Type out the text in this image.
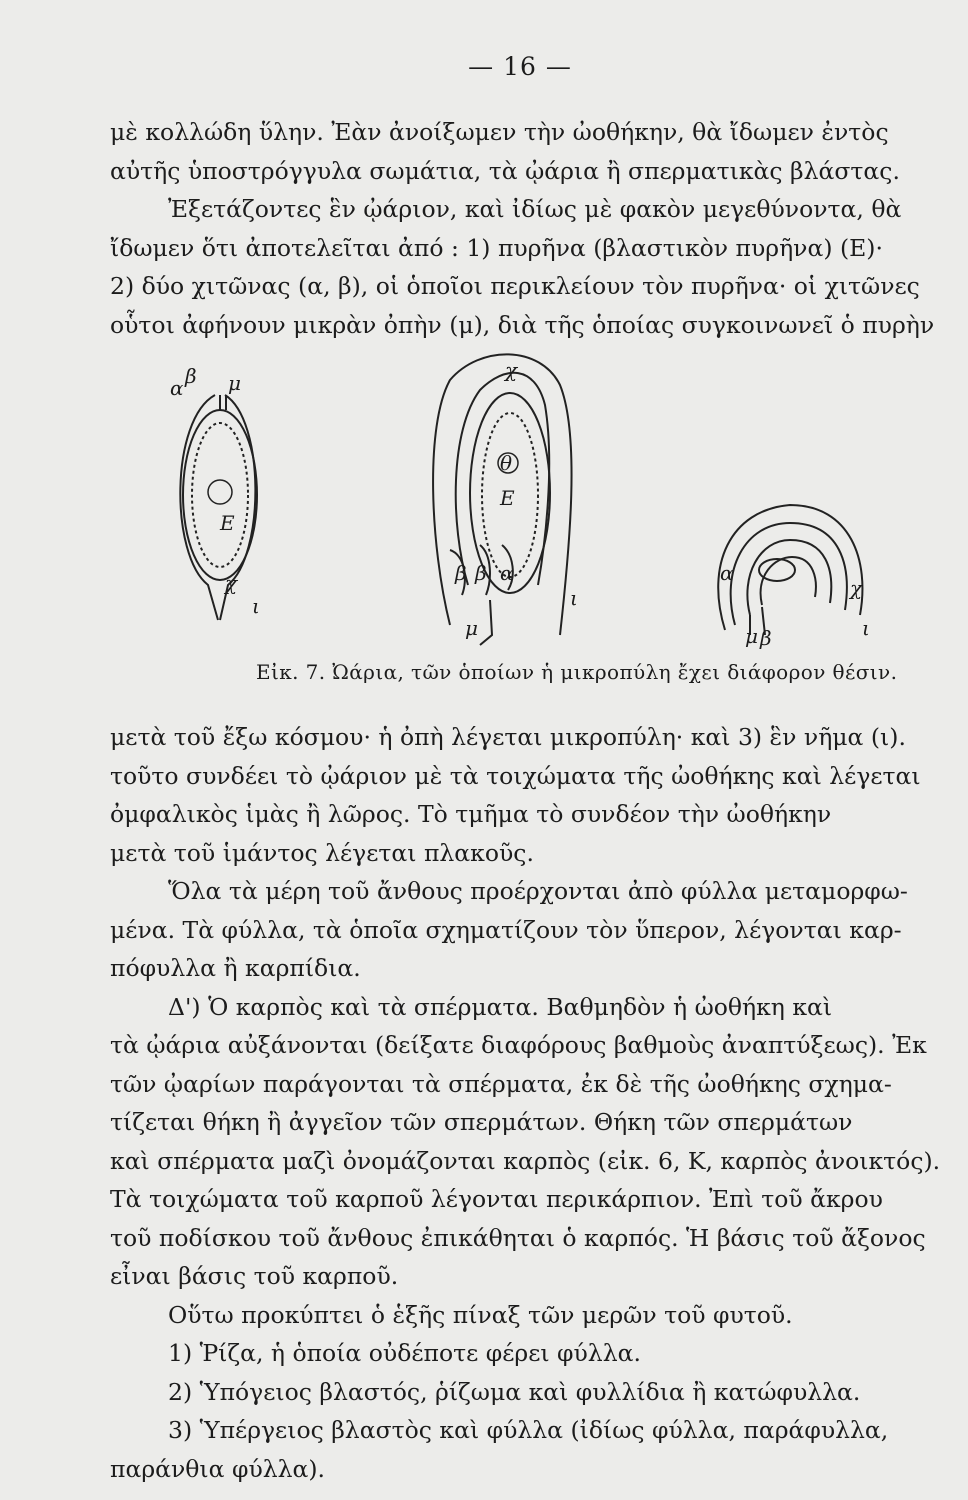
— 16 —
μὲ κολλώδη ὕλην. Ἐὰν ἀνοίξωμεν τὴν ὠοθήκην, θὰ ἴδωμεν ἐντὸς
αὐτῆς ὑποστρόγγυλα σωμάτια, τὰ ᾠάρια ἢ σπερματικὰς βλάστας.
Ἐξετάζοντες ἓν ᾠάριον, καὶ ἰδίως μὲ φακὸν μεγεθύνοντα, θὰ
ἴδωμεν ὅτι ἀποτελεῖται ἀπό : 1) πυρῆνα (βλαστικὸν πυρῆνα) (Ε)·
2) δύο χιτῶνας (α, β), οἱ ὁποῖοι περικλείουν τὸν πυρῆνα· οἱ χιτῶνες
οὗτοι ἀφήνουν μικρὰν ὀπὴν (μ), διὰ τῆς ὁποίας συγκοινωνεῖ ὁ πυρὴν
α β μ
Ε
χ
ι
χ
θ
Ε
β β α
μ
ι
α
μ β
χ
ι
Εἰκ. 7. Ὠάρια, τῶν ὁποίων ἡ μικροπύλη ἔχει διάφορον θέσιν.
μετὰ τοῦ ἔξω κόσμου· ἡ ὀπὴ λέγεται μικροπύλη· καὶ 3) ἓν νῆμα (ι).
τοῦτο συνδέει τὸ ᾠάριον μὲ τὰ τοιχώματα τῆς ὠοθήκης καὶ λέγεται
ὀμφαλικὸς ἱμὰς ἢ λῶρος. Τὸ τμῆμα τὸ συνδέον τὴν ὠοθήκην
μετὰ τοῦ ἱμάντος λέγεται πλακοῦς.
Ὅλα τὰ μέρη τοῦ ἄνθους προέρχονται ἀπὸ φύλλα μεταμορφω-
μένα. Τὰ φύλλα, τὰ ὁποῖα σχηματίζουν τὸν ὕπερον, λέγονται καρ-
πόφυλλα ἢ καρπίδια.
Δ') Ὁ καρπὸς καὶ τὰ σπέρματα. Βαθμηδὸν ἡ ὠοθήκη καὶ
τὰ ᾠάρια αὐξάνονται (δείξατε διαφόρους βαθμοὺς ἀναπτύξεως). Ἐκ
τῶν ᾠαρίων παράγονται τὰ σπέρματα, ἐκ δὲ τῆς ὠοθήκης σχημα-
τίζεται θήκη ἢ ἀγγεῖον τῶν σπερμάτων. Θήκη τῶν σπερμάτων
καὶ σπέρματα μαζὶ ὀνομάζονται καρπὸς (εἰκ. 6, Κ, καρπὸς ἀνοικτός).
Τὰ τοιχώματα τοῦ καρποῦ λέγονται περικάρπιον. Ἐπὶ τοῦ ἄκρου
τοῦ ποδίσκου τοῦ ἄνθους ἐπικάθηται ὁ καρπός. Ἡ βάσις τοῦ ἄξονος
εἶναι βάσις τοῦ καρποῦ.
Οὕτω προκύπτει ὁ ἑξῆς πίναξ τῶν μερῶν τοῦ φυτοῦ.
1) Ῥίζα, ἡ ὁποία οὐδέποτε φέρει φύλλα.
2) Ὑπόγειος βλαστός, ῥίζωμα καὶ φυλλίδια ἢ κατώφυλλα.
3) Ὑπέργειος βλαστὸς καὶ φύλλα (ἰδίως φύλλα, παράφυλλα,
παράνθια φύλλα).
